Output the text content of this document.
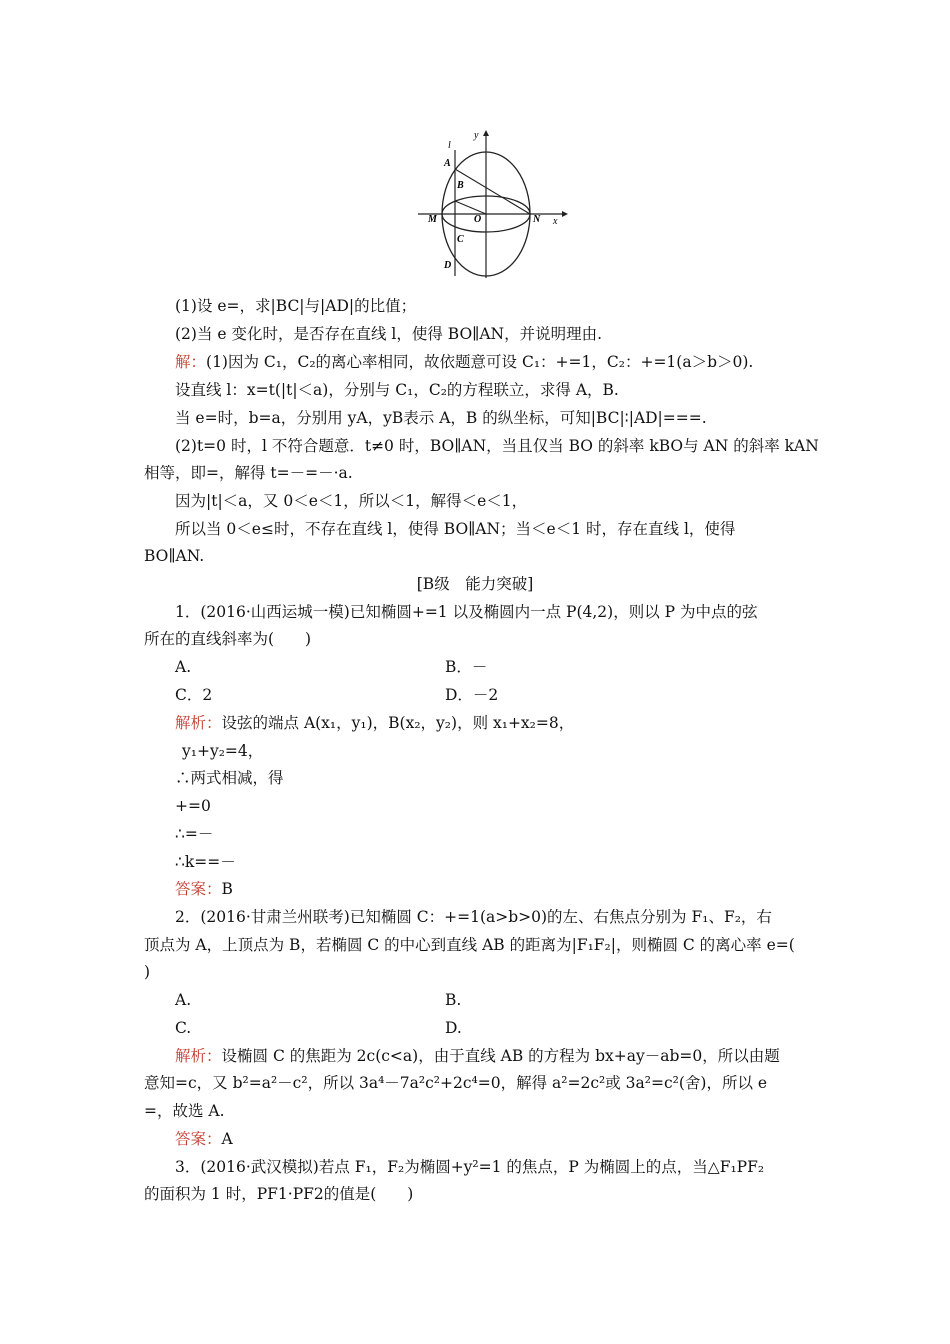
l
y
A
B
M	O	N x
C
D
(1)设 e=，求|BC|与|AD|的比值；
(2)当 e 变化时，是否存在直线 l，使得 BO∥AN，并说明理由.
解：(1)因为 C₁，C₂的离心率相同，故依题意可设 C₁：+=1，C₂：+=1(a＞b＞0).
设直线 l：x=t(|t|＜a)，分别与 C₁，C₂的方程联立，求得 A，B.
当 e=时，b=a，分别用 yA，yB表示 A，B 的纵坐标，可知|BC|∶|AD|===.
(2)t=0 时，l 不符合题意．t≠0 时，BO∥AN，当且仅当 BO 的斜率 kBO与 AN 的斜率 kAN
相等，即=，解得 t=－=－·a.
因为|t|＜a，又 0＜e＜1，所以＜1，解得＜e＜1，
所以当 0＜e≤时，不存在直线 l，使得 BO∥AN；当＜e＜1 时，存在直线 l，使得
BO∥AN.
[B级　能力突破]
1．(2016·山西运城一模)已知椭圆+=1 以及椭圆内一点 P(4,2)，则以 P 为中点的弦
所在的直线斜率为(　　)
A.	B．－
C．2	D．－2
解析：设弦的端点 A(x₁，y₁)，B(x₂，y₂)，则 x₁+x₂=8，
y₁+y₂=4，
∴两式相减，得
+=0
∴=－
∴k==－
答案：B
2．(2016·甘肃兰州联考)已知椭圆 C：+=1(a>b>0)的左、右焦点分别为 F₁、F₂，右
顶点为 A，上顶点为 B，若椭圆 C 的中心到直线 AB 的距离为|F₁F₂|，则椭圆 C 的离心率 e=(
)
A.	B.
C.	D.
解析：设椭圆 C 的焦距为 2c(c<a)，由于直线 AB 的方程为 bx+ay－ab=0，所以由题
意知=c，又 b²=a²－c²，所以 3a⁴－7a²c²+2c⁴=0，解得 a²=2c²或 3a²=c²(舍)，所以 e
=，故选 A.
答案：A
3．(2016·武汉模拟)若点 F₁，F₂为椭圆+y²=1 的焦点，P 为椭圆上的点，当△F₁PF₂
的面积为 1 时，PF1·PF2的值是(　　)
